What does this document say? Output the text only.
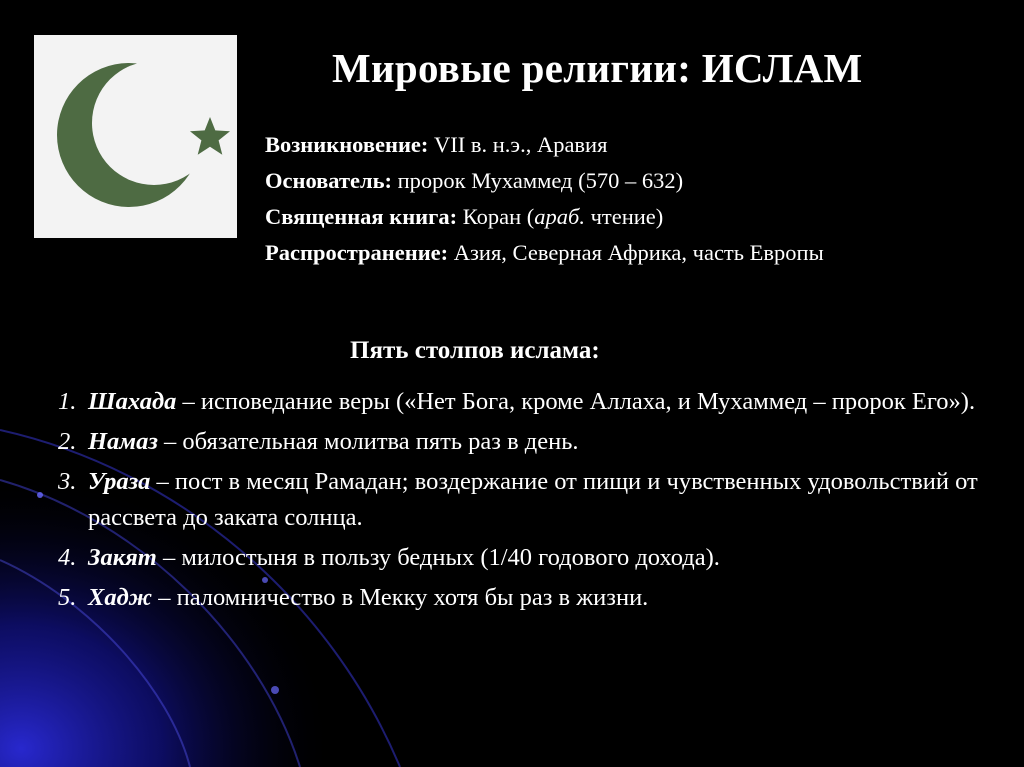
Мировые религии: ИСЛАМ
Возникновение: VII в. н.э., Аравия
Основатель: пророк Мухаммед (570 – 632)
Священная книга: Коран (араб. чтение)
Распространение: Азия, Северная Африка, часть Европы
Пять столпов ислама:
1. Шахада – исповедание веры («Нет Бога, кроме Аллаха, и Мухаммед – пророк Его»).
2. Намаз – обязательная молитва пять раз в день.
3. Ураза – пост в месяц Рамадан; воздержание от пищи и чувственных удовольствий от рассвета до заката солнца.
4. Закят – милостыня в пользу бедных (1/40 годового дохода).
5. Хадж – паломничество в Мекку хотя бы раз в жизни.
